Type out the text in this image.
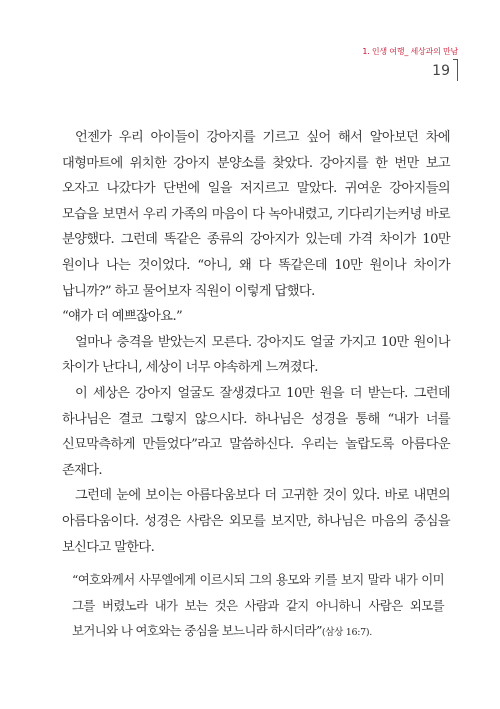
1. 인생 여행_ 세상과의 만남
19

언젠가 우리 아이들이 강아지를 기르고 싶어 해서 알아보던 차에 대형마트에 위치한 강아지 분양소를 찾았다. 강아지를 한 번만 보고 오자고 나갔다가 단번에 일을 저지르고 말았다. 귀여운 강아지들의 모습을 보면서 우리 가족의 마음이 다 녹아내렸고, 기다리기는커녕 바로 분양했다. 그런데 똑같은 종류의 강아지가 있는데 가격 차이가 10만 원이나 나는 것이었다. “아니, 왜 다 똑같은데 10만 원이나 차이가 납니까?” 하고 물어보자 직원이 이렇게 답했다.

“얘가 더 예쁘잖아요.”

얼마나 충격을 받았는지 모른다. 강아지도 얼굴 가지고 10만 원이나 차이가 난다니, 세상이 너무 야속하게 느껴졌다.

이 세상은 강아지 얼굴도 잘생겼다고 10만 원을 더 받는다. 그런데 하나님은 결코 그렇지 않으시다. 하나님은 성경을 통해 “내가 너를 신묘막측하게 만들었다”라고 말씀하신다. 우리는 놀랍도록 아름다운 존재다.

그런데 눈에 보이는 아름다움보다 더 고귀한 것이 있다. 바로 내면의 아름다움이다. 성경은 사람은 외모를 보지만, 하나님은 마음의 중심을 보신다고 말한다.

“여호와께서 사무엘에게 이르시되 그의 용모와 키를 보지 말라 내가 이미 그를 버렸노라 내가 보는 것은 사람과 같지 아니하니 사람은 외모를 보거니와 나 여호와는 중심을 보느니라 하시더라”(삼상 16:7).
